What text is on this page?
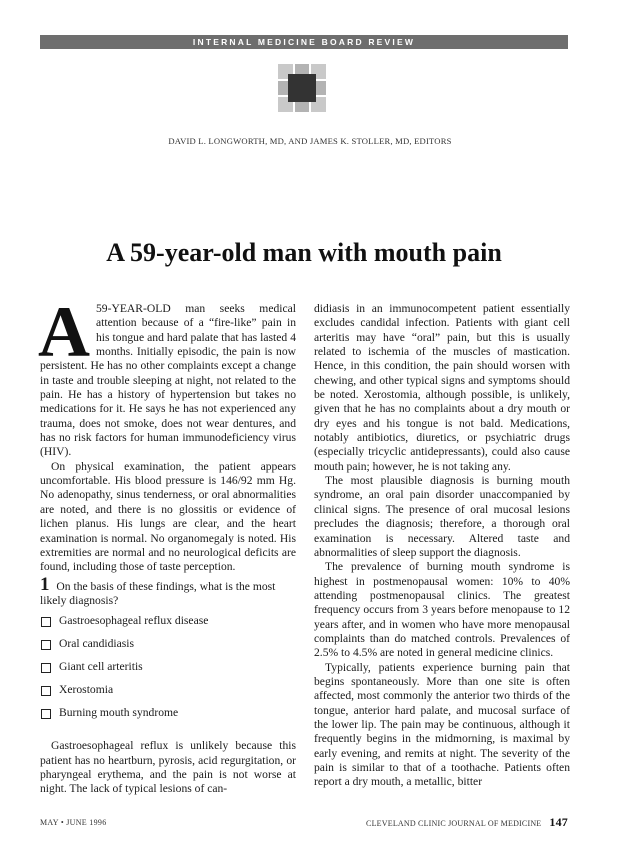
INTERNAL MEDICINE BOARD REVIEW
DAVID L. LONGWORTH, MD, AND JAMES K. STOLLER, MD, EDITORS
A 59-year-old man with mouth pain

A 59-YEAR-OLD man seeks medical attention because of a “fire-like” pain in his tongue and hard palate that has lasted 4 months. Initially episodic, the pain is now persistent. He has no other complaints except a change in taste and trouble sleeping at night, not related to the pain. He has a history of hypertension but takes no medications for it. He says he has not experienced any trauma, does not smoke, does not wear dentures, and has no risk factors for human immunodeficiency virus (HIV).

On physical examination, the patient appears uncomfortable. His blood pressure is 146/92 mm Hg. No adenopathy, sinus tenderness, or oral abnormalities are noted, and there is no glossitis or evidence of lichen planus. His lungs are clear, and the heart examination is normal. No organomegaly is noted. His extremities are normal and no neurological deficits are found, including those of taste perception.

1 On the basis of these findings, what is the most likely diagnosis?
Gastroesophageal reflux disease
Oral candidiasis
Giant cell arteritis
Xerostomia
Burning mouth syndrome

Gastroesophageal reflux is unlikely because this patient has no heartburn, pyrosis, acid regurgitation, or pharyngeal erythema, and the pain is not worse at night. The lack of typical lesions of can-

didiasis in an immunocompetent patient essentially excludes candidal infection. Patients with giant cell arteritis may have “oral” pain, but this is usually related to ischemia of the muscles of mastication. Hence, in this condition, the pain should worsen with chewing, and other typical signs and symptoms should be noted. Xerostomia, although possible, is unlikely, given that he has no complaints about a dry mouth or dry eyes and his tongue is not bald. Medications, notably antibiotics, diuretics, or psychiatric drugs (especially tricyclic antidepressants), could also cause mouth pain; however, he is not taking any.

The most plausible diagnosis is burning mouth syndrome, an oral pain disorder unaccompanied by clinical signs. The presence of oral mucosal lesions precludes the diagnosis; therefore, a thorough oral examination is necessary. Altered taste and abnormalities of sleep support the diagnosis.

The prevalence of burning mouth syndrome is highest in postmenopausal women: 10% to 40% attending postmenopausal clinics. The greatest frequency occurs from 3 years before menopause to 12 years after, and in women who have more menopausal complaints than do matched controls. Prevalences of 2.5% to 4.5% are noted in general medicine clinics.

Typically, patients experience burning pain that begins spontaneously. More than one site is often affected, most commonly the anterior two thirds of the tongue, anterior hard palate, and mucosal surface of the lower lip. The pain may be continuous, although it frequently begins in the midmorning, is maximal by early evening, and remits at night. The severity of the pain is similar to that of a toothache. Patients often report a dry mouth, a metallic, bitter

MAY • JUNE 1996	CLEVELAND CLINIC JOURNAL OF MEDICINE 147
